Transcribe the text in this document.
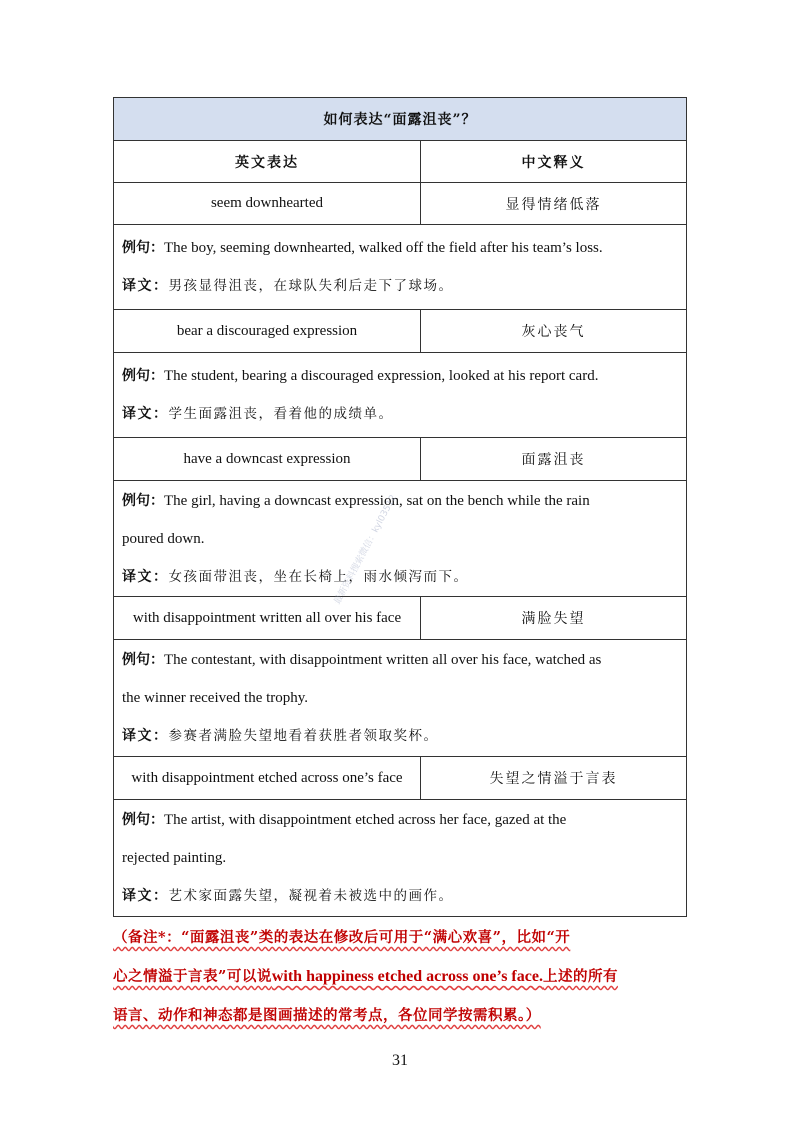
如何表达“面露沮丧”？	
英文表达	中文释义
seem downhearted	显得情绪低落

例句：The boy, seeming downhearted, walked off the field after his team’s loss.
译文：男孩显得沮丧，在球队失利后走下了球场。	

bear a discouraged expression	灰心丧气

例句：The student, bearing a discouraged expression, looked at his report card.
译文：学生面露沮丧，看着他的成绩单。	

have a downcast expression	面露沮丧

例句：The girl, having a downcast expression, sat on the bench while the rain
poured down.
译文：女孩面带沮丧，坐在长椅上，雨水倾泻而下。	

with disappointment written all over his face	满脸失望

例句：The contestant, with disappointment written all over his face, watched as
the winner received the trophy.
译文：参赛者满脸失望地看着获胜者领取奖杯。	

with disappointment etched across one’s face	失望之情溢于言表

例句：The artist, with disappointment etched across her face, gazed at the
rejected painting.
译文：艺术家面露失望，凝视着未被选中的画作。	
（备注*：“面露沮丧”类的表达在修改后可用于“满心欢喜”，比如“开
心之情溢于言表”可以说with happiness etched across one’s face.上述的所有
语言、动作和神态都是图画描述的常考点，各位同学按需积累。）
最新资料搜索微信：kyl03512
31
